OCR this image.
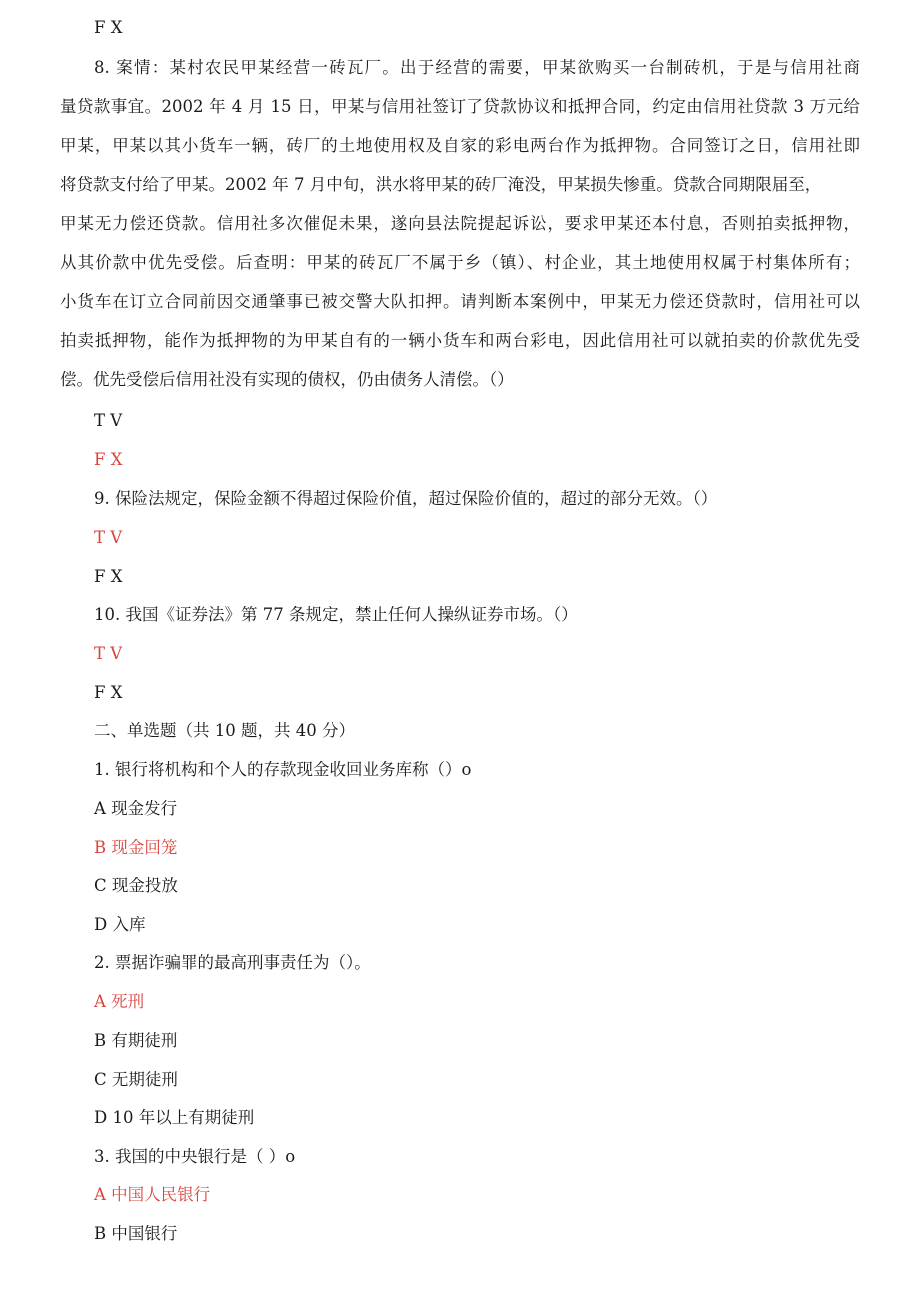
F X
8. 案情：某村农民甲某经营一砖瓦厂。出于经营的需要，甲某欲购买一台制砖机，于是与信用社商
量贷款事宜。2002 年 4 月 15 日，甲某与信用社签订了贷款协议和抵押合同，约定由信用社贷款 3 万元给
甲某，甲某以其小货车一辆，砖厂的土地使用权及自家的彩电两台作为抵押物。合同签订之日，信用社即
将贷款支付给了甲某。2002 年 7 月中旬，洪水将甲某的砖厂淹没，甲某损失惨重。贷款合同期限届至，
甲某无力偿还贷款。信用社多次催促未果，遂向县法院提起诉讼，要求甲某还本付息，否则拍卖抵押物，
从其价款中优先受偿。后查明：甲某的砖瓦厂不属于乡（镇）、村企业，其土地使用权属于村集体所有；
小货车在订立合同前因交通肇事已被交警大队扣押。请判断本案例中，甲某无力偿还贷款时，信用社可以
拍卖抵押物，能作为抵押物的为甲某自有的一辆小货车和两台彩电，因此信用社可以就拍卖的价款优先受
偿。优先受偿后信用社没有实现的债权，仍由债务人清偿。（）
T V
F X
9. 保险法规定，保险金额不得超过保险价值，超过保险价值的，超过的部分无效。（）
T V
F X
10. 我国《证券法》第 77 条规定，禁止任何人操纵证券市场。（）
T V
F X
二、单选题（共 10 题，共 40 分）
1. 银行将机构和个人的存款现金收回业务库称（）o
A 现金发行
B 现金回笼
C 现金投放
D 入库
2. 票据诈骗罪的最高刑事责任为（）。
A 死刑
B 有期徒刑
C 无期徒刑
D 10 年以上有期徒刑
3. 我国的中央银行是（ ）o
A 中国人民银行
B 中国银行
